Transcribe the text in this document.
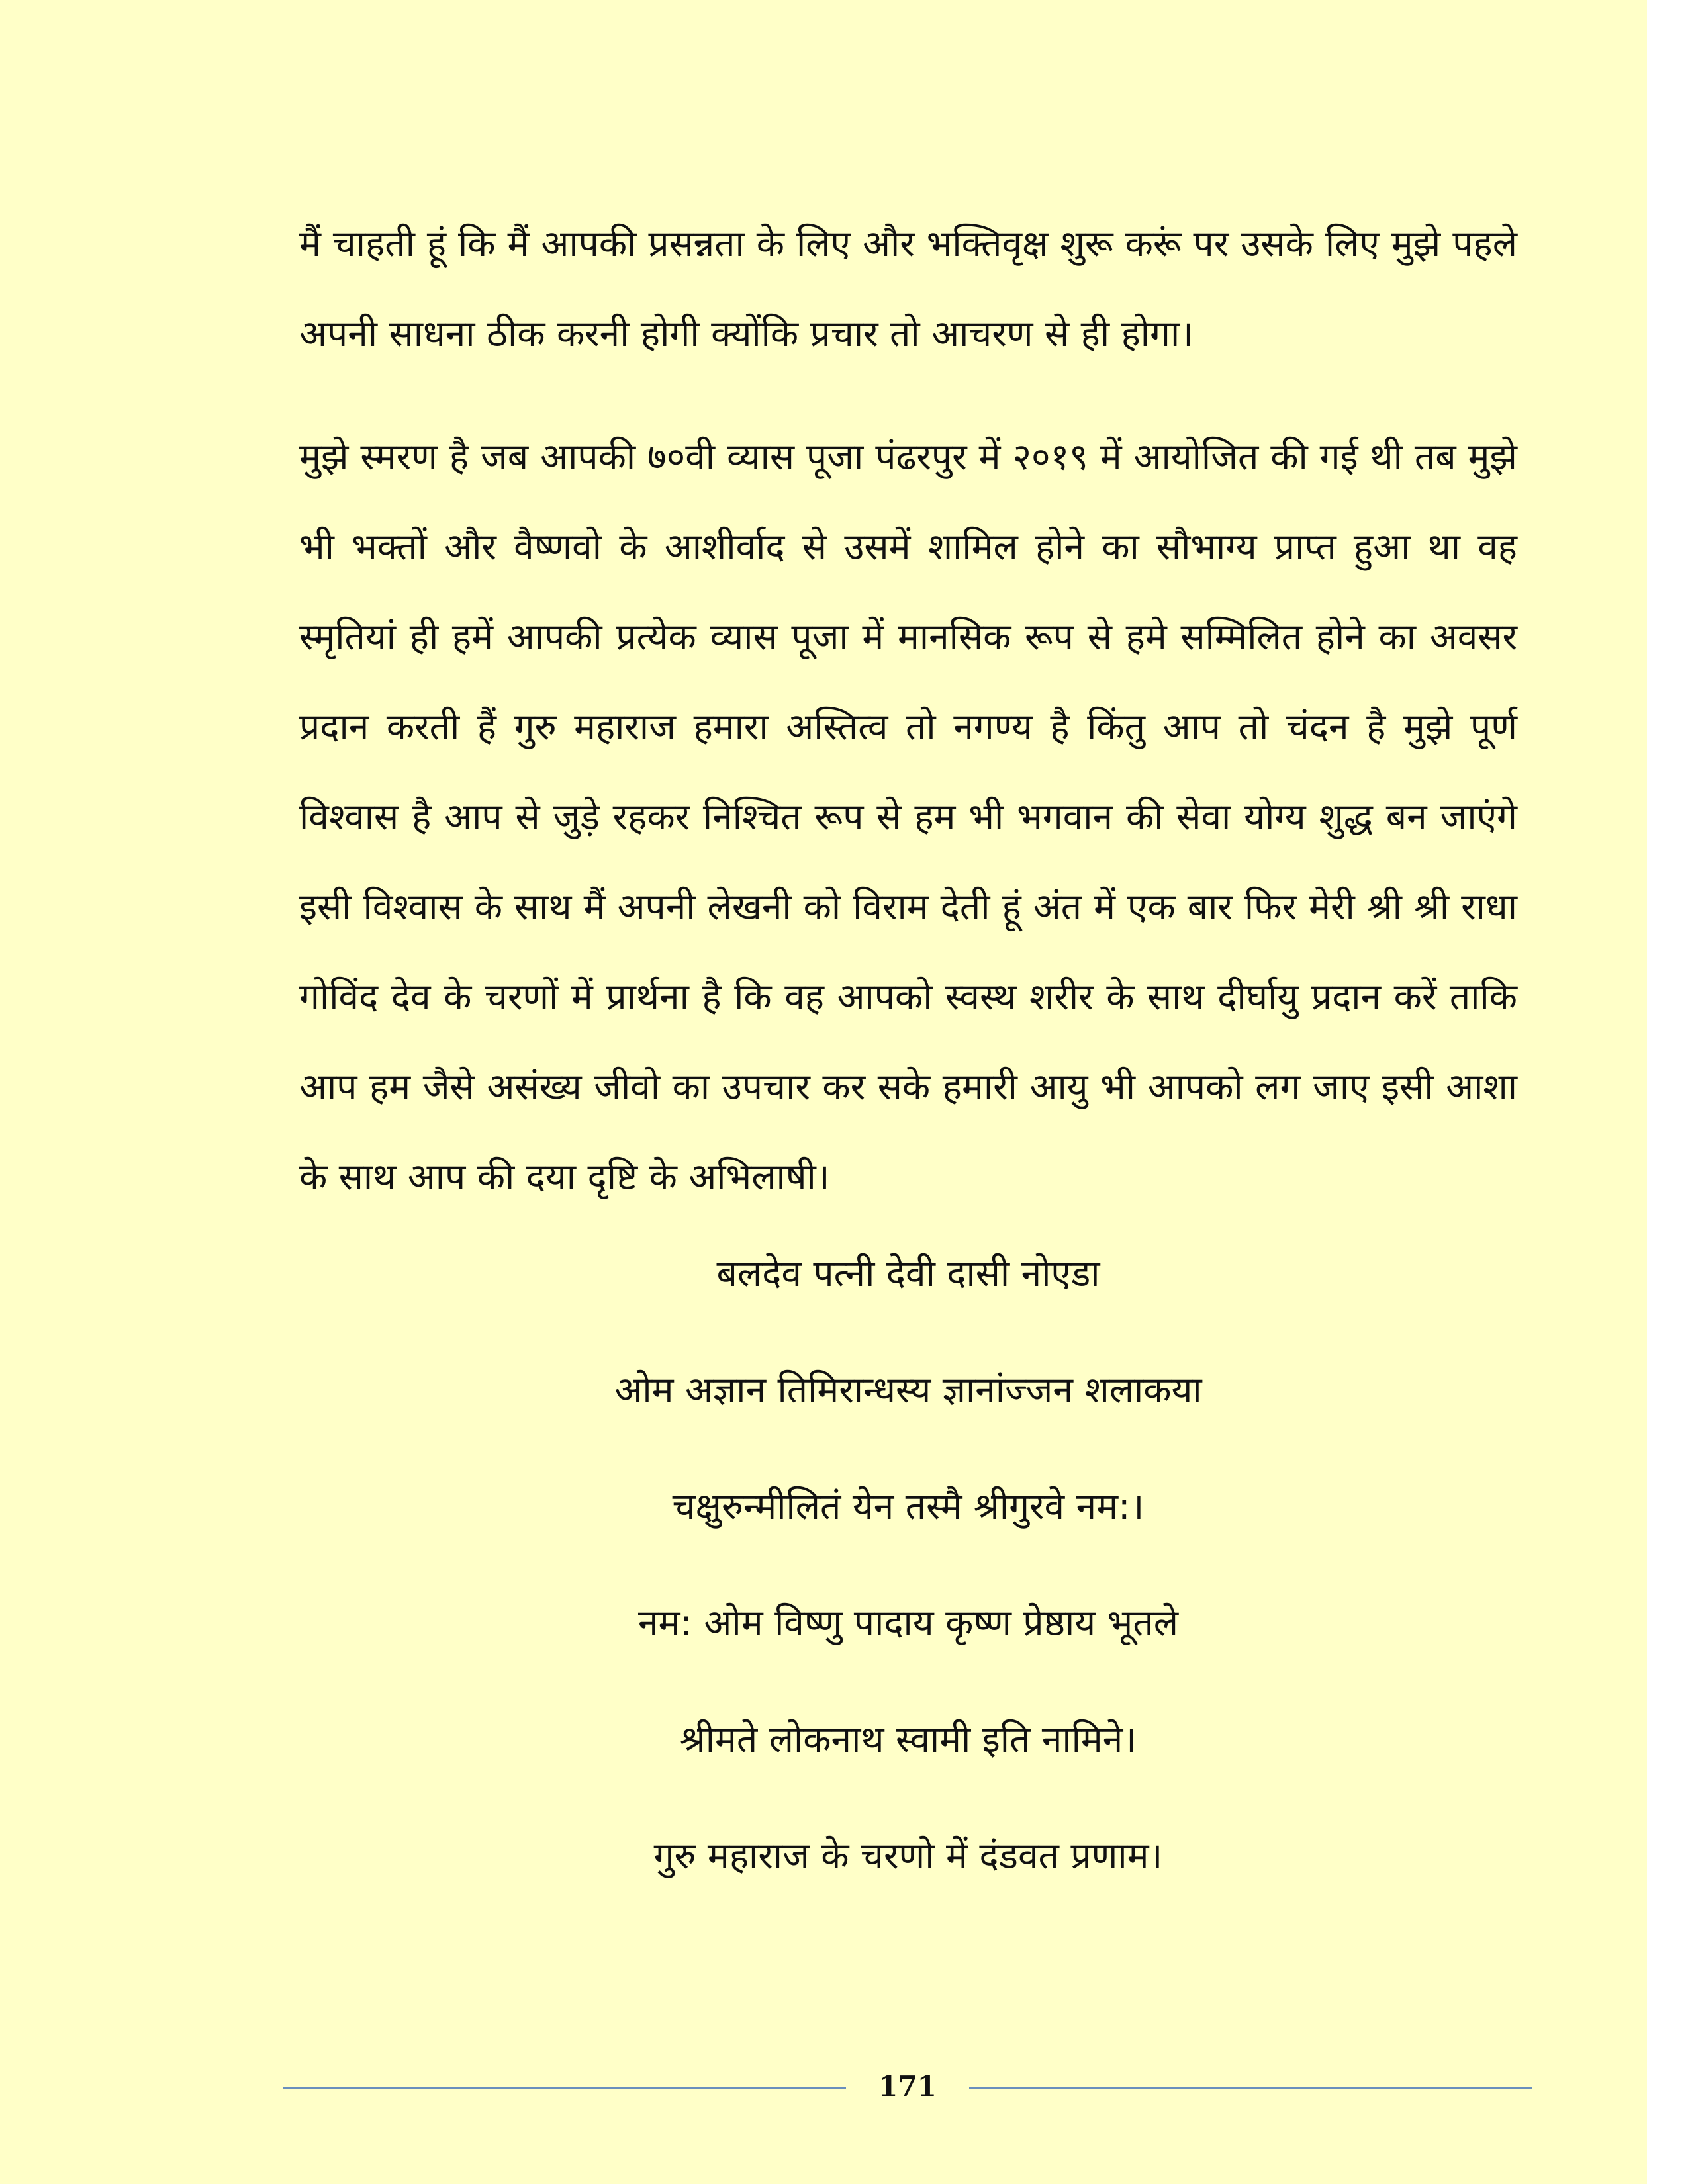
मैं चाहती हूं कि मैं आपकी प्रसन्नता के लिए और भक्तिवृक्ष शुरू करूं पर उसके लिए मुझे पहले अपनी साधना ठीक करनी होगी क्योंकि प्रचार तो आचरण से ही होगा।

मुझे स्मरण है जब आपकी ७०वी व्यास पूजा पंढरपुर में २०१९ में आयोजित की गई थी तब मुझे भी भक्तों और वैष्णवो के आशीर्वाद से उसमें शामिल होने का सौभाग्य प्राप्त हुआ था वह स्मृतियां ही हमें आपकी प्रत्येक व्यास पूजा में मानसिक रूप से हमे सम्मिलित होने का अवसर प्रदान करती हैं गुरु महाराज हमारा अस्तित्व तो नगण्य है किंतु आप तो चंदन है मुझे पूर्ण विश्वास है आप से जुड़े रहकर निश्चित रूप से हम भी भगवान की सेवा योग्य शुद्ध बन जाएंगे इसी विश्वास के साथ मैं अपनी लेखनी को विराम देती हूं अंत में एक बार फिर मेरी श्री श्री राधा गोविंद देव के चरणों में प्रार्थना है कि वह आपको स्वस्थ शरीर के साथ दीर्घायु प्रदान करें ताकि आप हम जैसे असंख्य जीवो का उपचार कर सके हमारी आयु भी आपको लग जाए इसी आशा के साथ आप की दया दृष्टि के अभिलाषी।

बलदेव पत्नी देवी दासी नोएडा
ओम अज्ञान तिमिरान्धस्य ज्ञानांज्जन शलाकया
चक्षुरुन्मीलितं येन तस्मै श्रीगुरवे नम:।
नम: ओम विष्णु पादाय कृष्ण प्रेष्ठाय भूतले
श्रीमते लोकनाथ स्वामी इति नामिने।
गुरु महाराज के चरणो में दंडवत प्रणाम।
171
